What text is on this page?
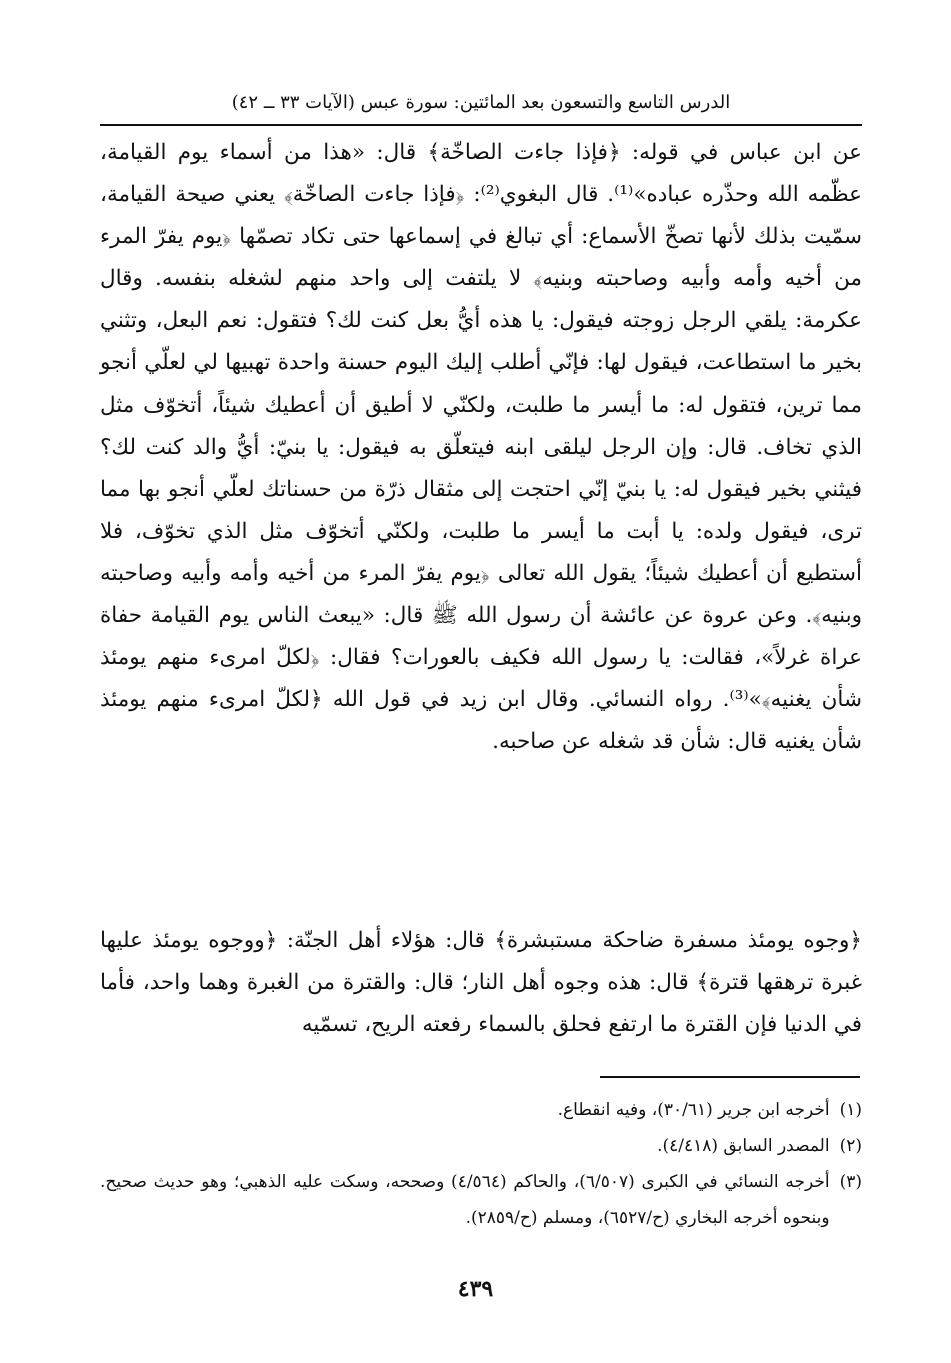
الدرس التاسع والتسعون بعد المائتين: سورة عبس (الآيات ٣٣ ــ ٤٢)

عن ابن عباس في قوله: ﴿فإذا جاءت الصاخّة﴾ قال: «هذا من أسماء يوم القيامة، عظّمه الله وحذّره عباده»⁽¹⁾. قال البغوي⁽²⁾: ﴿فإذا جاءت الصاخّة﴾ يعني صيحة القيامة، سمّيت بذلك لأنها تصخّ الأسماع: أي تبالغ في إسماعها حتى تكاد تصمّها ﴿يوم يفرّ المرء من أخيه وأمه وأبيه وصاحبته وبنيه﴾ لا يلتفت إلى واحد منهم لشغله بنفسه. وقال عكرمة: يلقي الرجل زوجته فيقول: يا هذه أيُّ بعل كنت لك؟ فتقول: نعم البعل، وتثني بخير ما استطاعت، فيقول لها: فإنّي أطلب إليك اليوم حسنة واحدة تهبيها لي لعلّي أنجو مما ترين، فتقول له: ما أيسر ما طلبت، ولكنّي لا أطيق أن أعطيك شيئاً، أتخوّف مثل الذي تخاف. قال: وإن الرجل ليلقى ابنه فيتعلّق به فيقول: يا بنيّ: أيُّ والد كنت لك؟ فيثني بخير فيقول له: يا بنيّ إنّي احتجت إلى مثقال ذرّة من حسناتك لعلّي أنجو بها مما ترى، فيقول ولده: يا أبت ما أيسر ما طلبت، ولكنّي أتخوّف مثل الذي تخوّف، فلا أستطيع أن أعطيك شيئاً؛ يقول الله تعالى ﴿يوم يفرّ المرء من أخيه وأمه وأبيه وصاحبته وبنيه﴾. وعن عروة عن عائشة أن رسول الله ﷺ قال: «يبعث الناس يوم القيامة حفاة عراة غرلاً»، فقالت: يا رسول الله فكيف بالعورات؟ فقال: ﴿لكلّ امرىء منهم يومئذ شأن يغنيه﴾»⁽³⁾. رواه النسائي. وقال ابن زيد في قول الله ﴿لكلّ امرىء منهم يومئذ شأن يغنيه قال: شأن قد شغله عن صاحبه.

﴿وجوه يومئذ مسفرة ضاحكة مستبشرة﴾ قال: هؤلاء أهل الجنّة: ﴿ووجوه يومئذ عليها غبرة ترهقها قترة﴾ قال: هذه وجوه أهل النار؛ قال: والقترة من الغبرة وهما واحد، فأما في الدنيا فإن القترة ما ارتفع فحلق بالسماء رفعته الريح، تسمّيه

(١)
أخرجه ابن جرير (٣٠/٦١)، وفيه انقطاع.
(٢)
المصدر السابق (٤/٤١٨).
(٣)
أخرجه النسائي في الكبرى (٦/٥٠٧)، والحاكم (٤/٥٦٤) وصححه، وسكت عليه الذهبي؛ وهو حديث صحيح. وبنحوه أخرجه البخاري (ح/٦٥٢٧)، ومسلم (ح/٢٨٥٩).
٤٣٩
